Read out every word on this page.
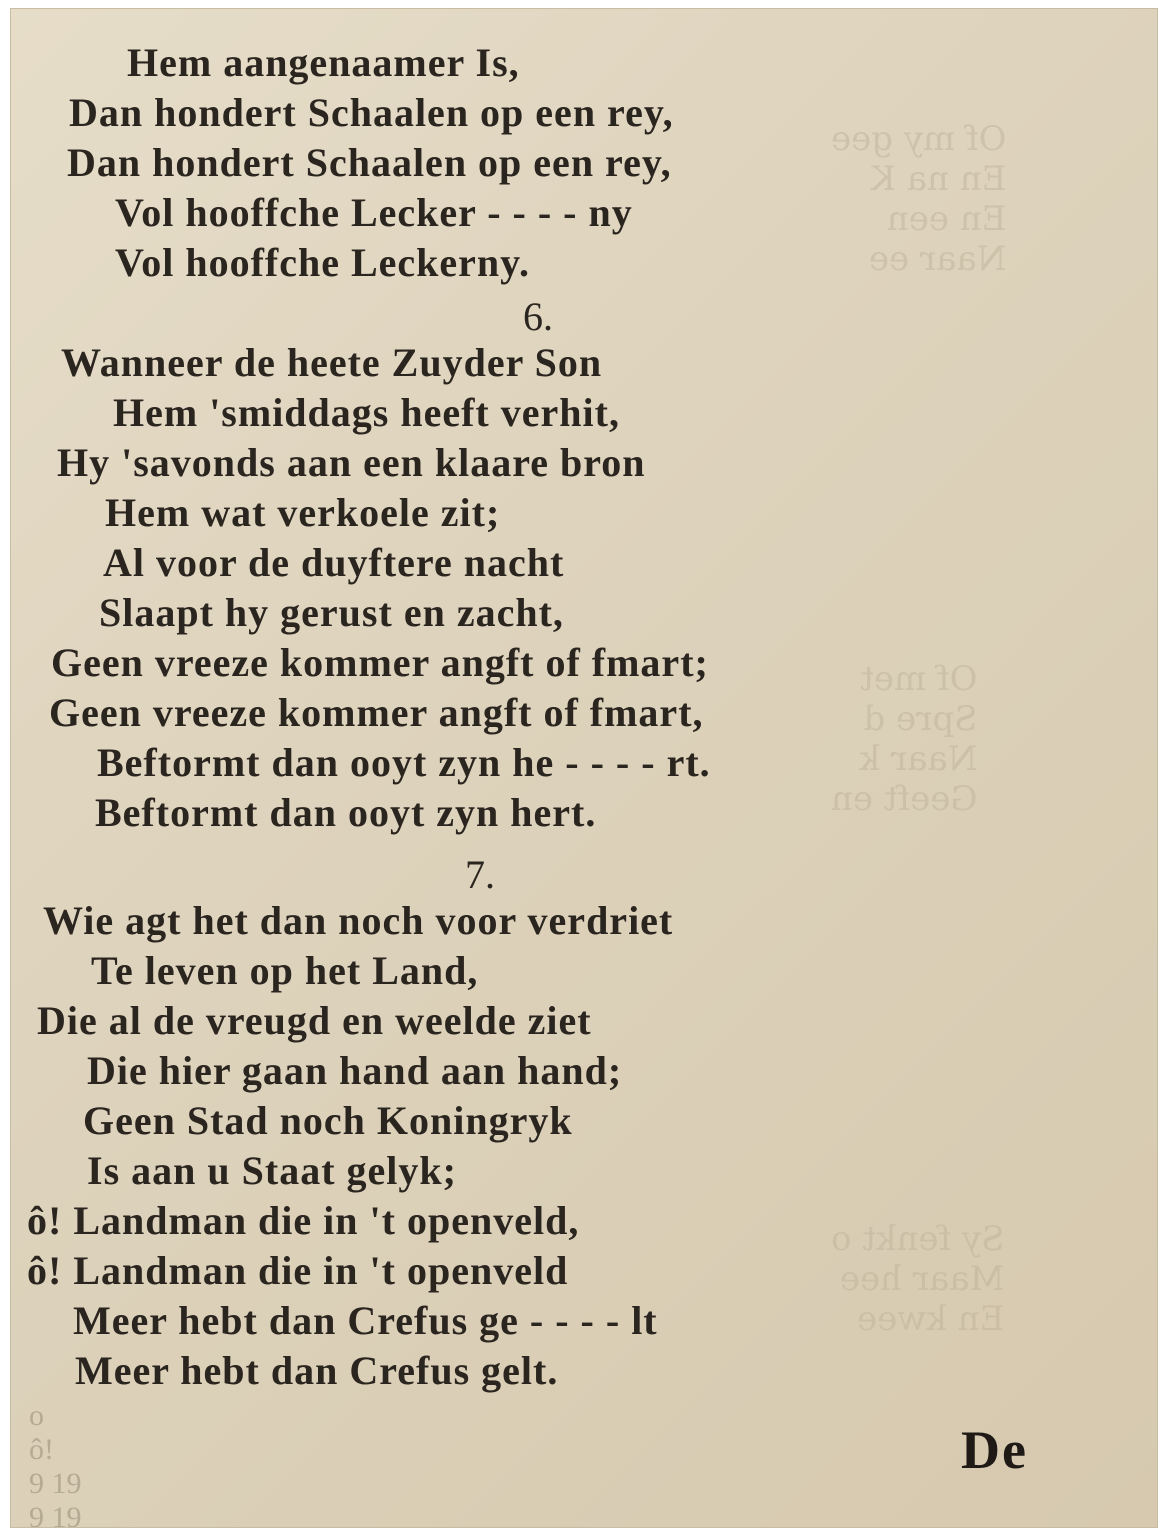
Of my gee
En na K
En een
Naar ee
Of met
Spre d
Naar k
Geeft en
Sy fenkt o
Maar hee
En kwee
Hem aangenaamer Is,
Dan hondert Schaalen op een rey,
Dan hondert Schaalen op een rey,
Vol hooffche Lecker - - - - ny
Vol hooffche Leckerny.
6.
Wanneer de heete Zuyder Son
Hem 'smiddags heeft verhit,
Hy 'savonds aan een klaare bron
Hem wat verkoele zit;
Al voor de duyftere nacht
Slaapt hy gerust en zacht,
Geen vreeze kommer angft of fmart;
Geen vreeze kommer angft of fmart,
Beftormt dan ooyt zyn he - - - - rt.
Beftormt dan ooyt zyn hert.
7.
Wie agt het dan noch voor verdriet
Te leven op het Land,
Die al de vreugd en weelde ziet
Die hier gaan hand aan hand;
Geen Stad noch Koningryk
Is aan u Staat gelyk;
ô! Landman die in 't openveld,
ô! Landman die in 't openveld
Meer hebt dan Crefus ge - - - - lt
Meer hebt dan Crefus gelt.
o
ô!
9 19
9 19
De
